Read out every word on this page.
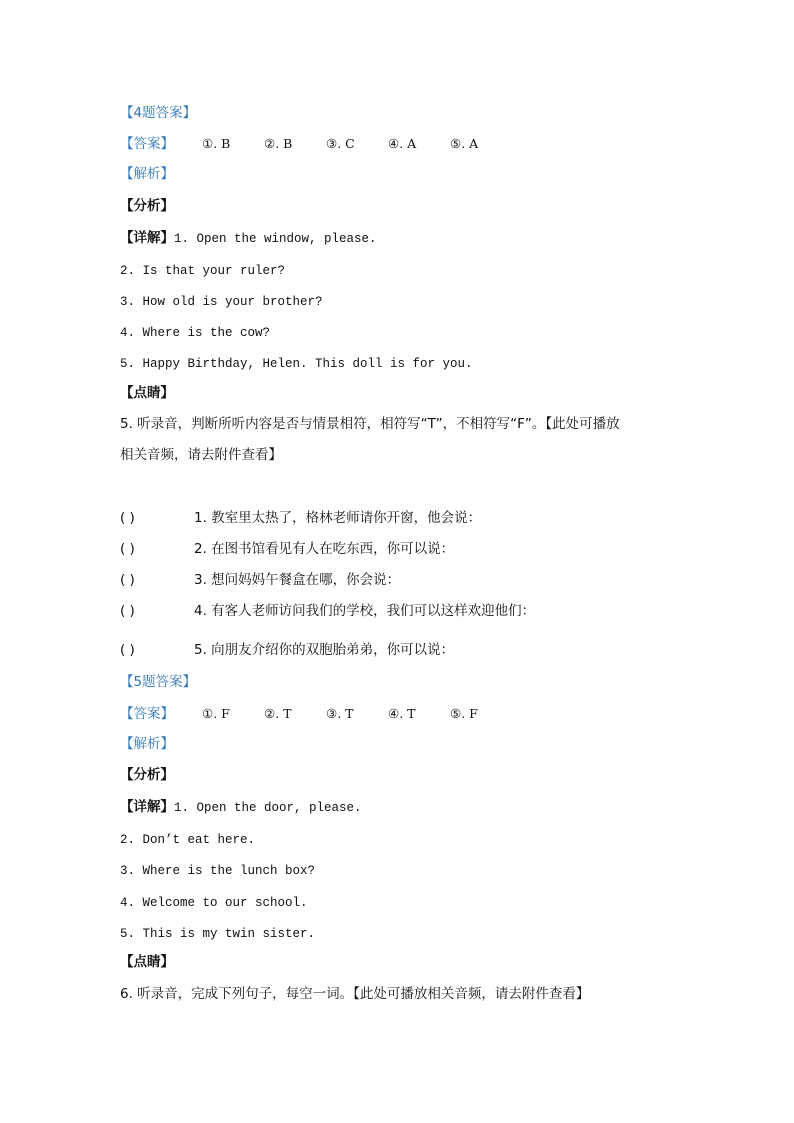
【4题答案】
【答案】	①. B	②. B	③. C	④. A	⑤. A
【解析】
【分析】
【详解】1. Open the window, please.
2. Is that your ruler?
3. How old is your brother?
4. Where is the cow?
5. Happy Birthday, Helen. This doll is for you.
【点睛】
5. 听录音，判断所听内容是否与情景相符，相符写“T”，不相符写“F”。【此处可播放
相关音频，请去附件查看】
( )	1. 教室里太热了，格林老师请你开窗，他会说：
( )	2. 在图书馆看见有人在吃东西，你可以说：
( )	3. 想问妈妈午餐盒在哪，你会说：
( )	4. 有客人老师访问我们的学校，我们可以这样欢迎他们：
( )	5. 向朋友介绍你的双胞胎弟弟，你可以说：
【5题答案】
【答案】	①. F	②. T	③. T	④. T	⑤. F
【解析】
【分析】
【详解】1. Open the door, please.
2. Don’t eat here.
3. Where is the lunch box?
4. Welcome to our school.
5. This is my twin sister.
【点睛】
6. 听录音，完成下列句子，每空一词。【此处可播放相关音频，请去附件查看】
